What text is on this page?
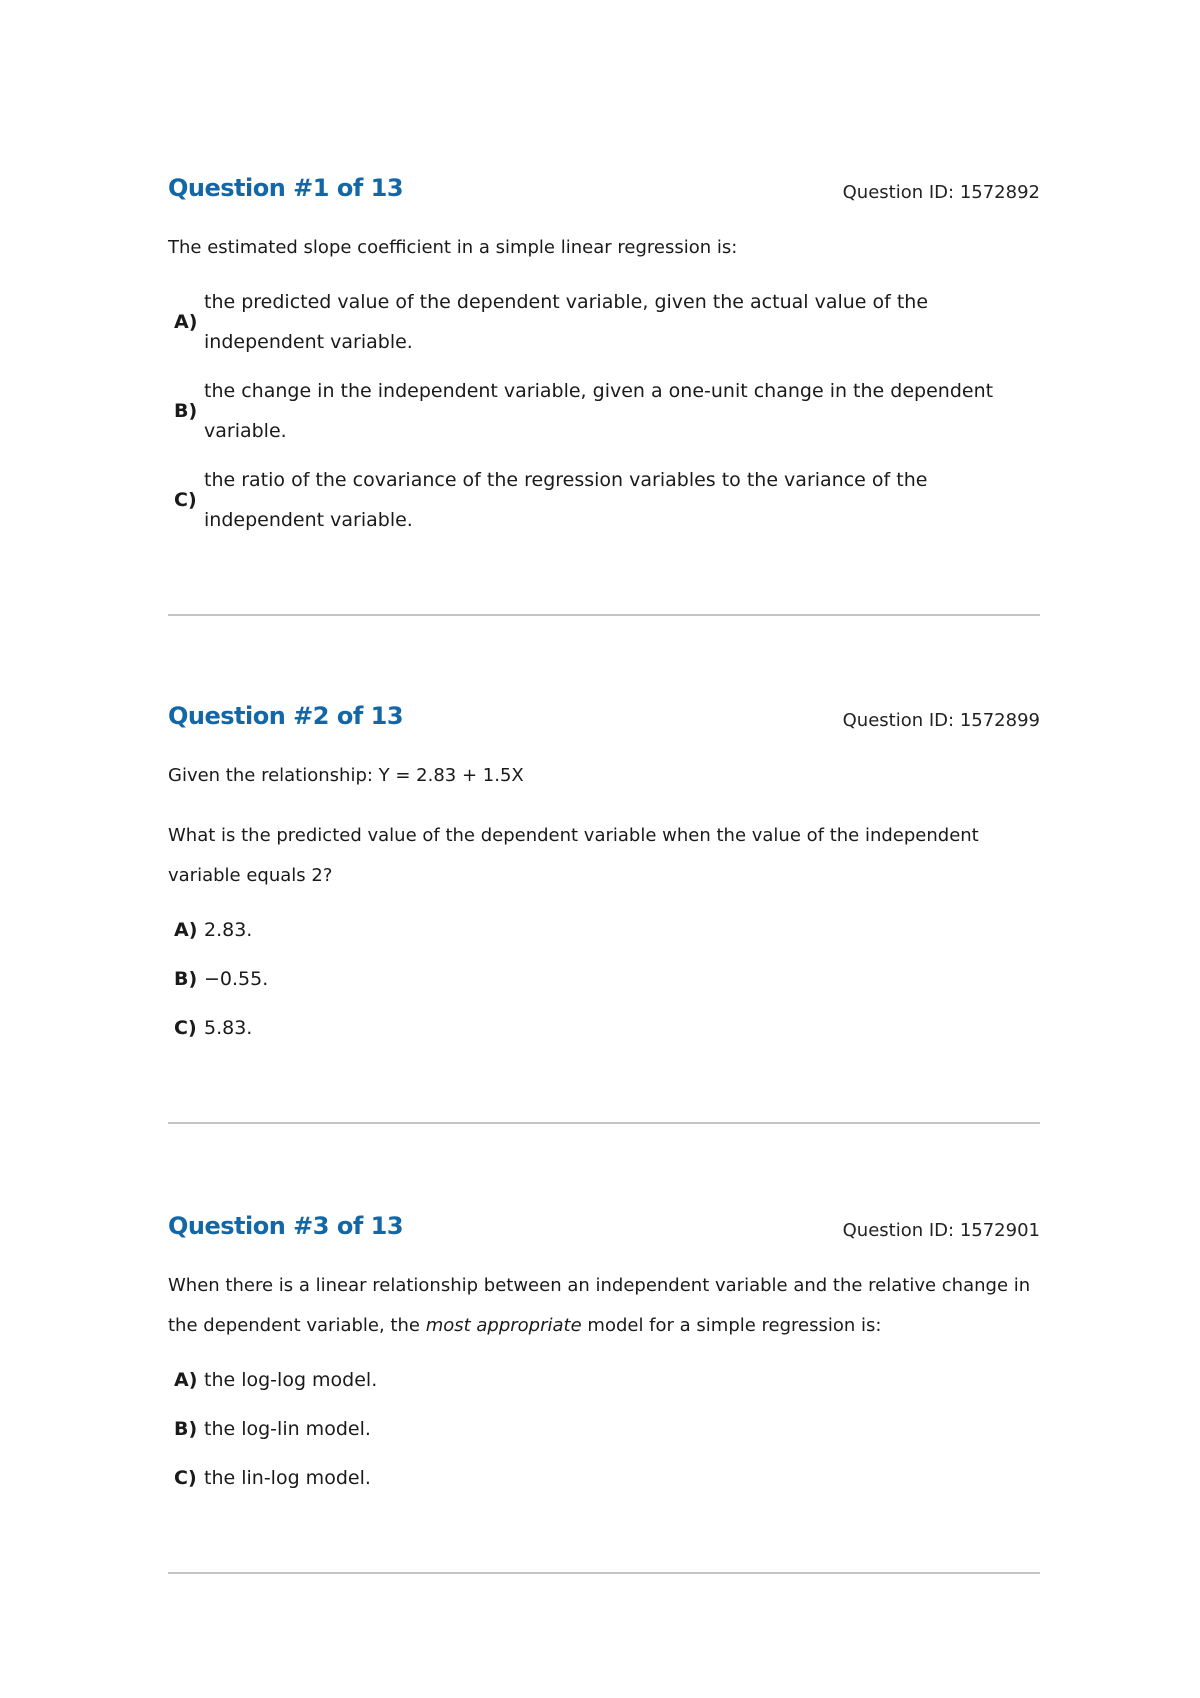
Question #1 of 13	Question ID: 1572892

The estimated slope coefficient in a simple linear regression is:

A)
the predicted value of the dependent variable, given the actual value of the independent variable.
B)
the change in the independent variable, given a one-unit change in the dependent variable.
C)
the ratio of the covariance of the regression variables to the variance of the independent variable.
Question #2 of 13	Question ID: 1572899

Given the relationship: Y = 2.83 + 1.5X

What is the predicted value of the dependent variable when the value of the independent variable equals 2?

A) 2.83.
B) −0.55.
C) 5.83.
Question #3 of 13	Question ID: 1572901

When there is a linear relationship between an independent variable and the relative change in the dependent variable, the most appropriate model for a simple regression is:

A) the log-log model.
B) the log-lin model.
C) the lin-log model.
